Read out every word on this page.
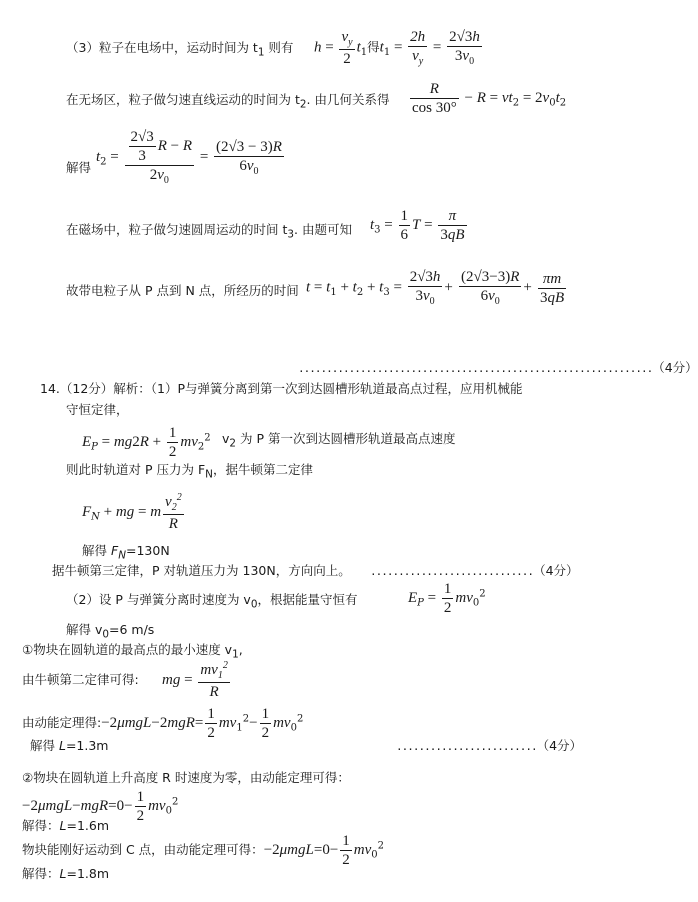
（3）粒子在电场中，运动时间为 $t_1$ 则有 $h = \frac{v_y}{2} t_1$得$t_1 = \frac{2h}{v_y} = \frac{2√3h}{3v_0}$
在无场区，粒子做匀速直线运动的时间为 $t_2$. 由几何关系得 $\frac{R}{\cos 30^\circ} - R = vt_2 = 2v_0t_2$
解得
$t_2 = \frac{\frac{2√3}{3} R - R}{2v_0} = \frac{(2√3 - 3)R}{6v_0}$
在磁场中，粒子做匀速圆周运动的时间 $t_3$. 由题可知 $t_3 = \frac{1}{6}$ $T = \frac{\pi}{3qB}$
故带电粒子从 P 点到 N 点，所经历的时间 $t = t_1 + t_2 + t_3 = \frac{2√3h}{3v_0} + \frac{(2√3-3)R}{6v_0} + \frac{\pi m}{3qB}$
...............................................................（4分）
14.（12分）解析：（1）P与弹簧分离到第一次到达圆槽形轨道最高点过程，应用机械能
守恒定律，
$E_P = mg2R + \frac{1}{2} mv_2^2$ $v_2$ 为 P 第一次到达圆槽形轨道最高点速度
则此时轨道对 P 压力为 $F_N$，据牛顿第二定律
$F_N$ + mg = m $\frac{v_2^2}{R}$
解得 $F_N=130N$
据牛顿第三定律，P 对轨道压力为 130N，方向向上。 .............................（4分）
（2）设 P 与弹簧分离时速度为 $v_0$，根据能量守恒有	$E_P = \frac{1}{2} mv_0^2$
解得 $v_0=6$ m/s
①物块在圆轨道的最高点的最小速度 $v_1$,
由牛顿第二定律可得: mg = $\frac{mv_1^2}{R}$
由动能定理得:−2μmgL−2mgR= $\frac{1}{2} mv_1^2- \frac{1}{2} mv_0^2$
解得 L=1.3m	.........................（4分）
②物块在圆轨道上升高度 R 时速度为零，由动能定理可得：
$-2\mu mgL-mgR=0- \frac{1}{2} mv_0^2$
解得：L=1.6m
物块能刚好运动到 C 点，由动能定理可得：$-2\mu mgL=0- \frac{1}{2} mv_0^2$
解得：L=1.8m
